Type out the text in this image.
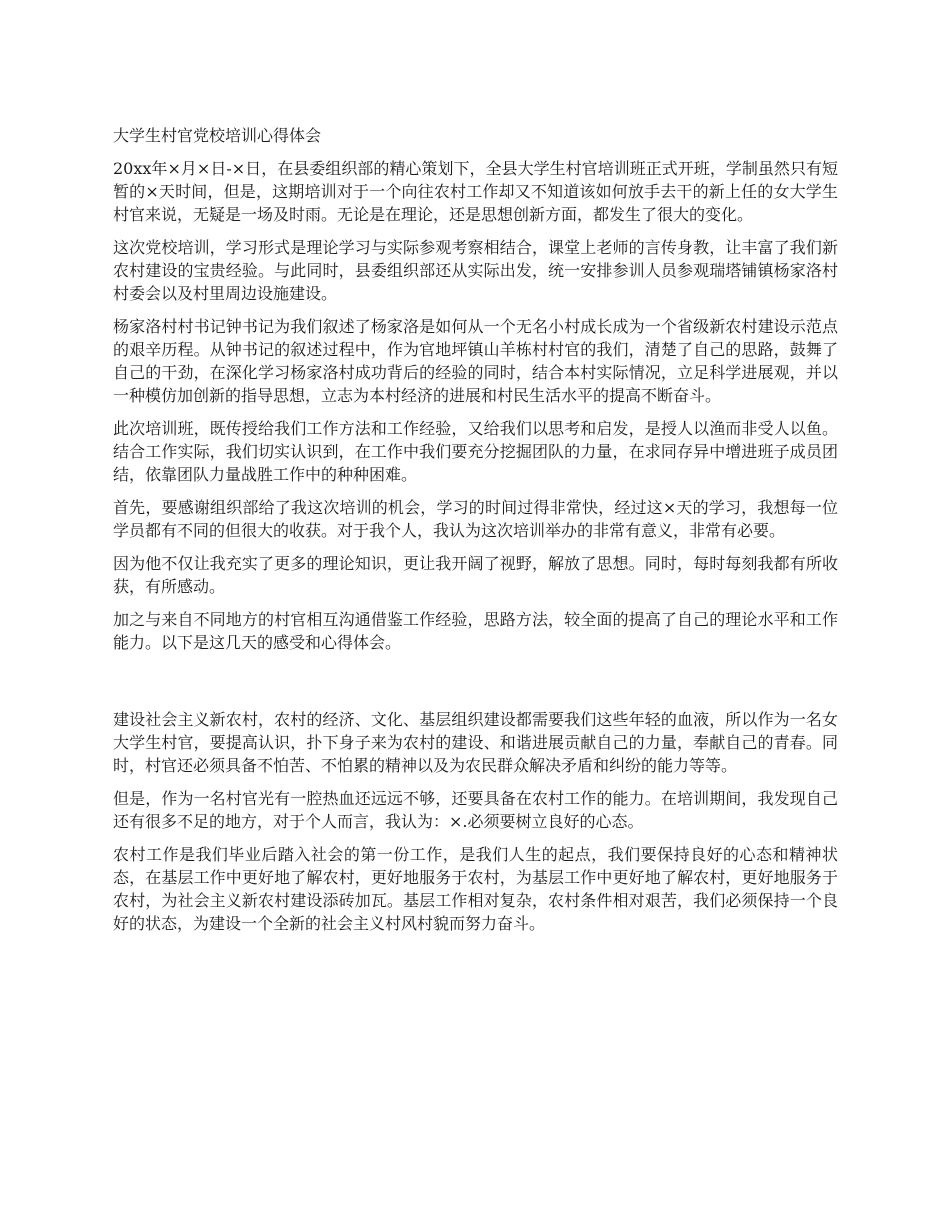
大学生村官党校培训心得体会

20xx年×月×日-×日，在县委组织部的精心策划下，全县大学生村官培训班正式开班，学制虽然只有短暂的×天时间，但是，这期培训对于一个向往农村工作却又不知道该如何放手去干的新上任的女大学生村官来说，无疑是一场及时雨。无论是在理论，还是思想创新方面，都发生了很大的变化。

这次党校培训，学习形式是理论学习与实际参观考察相结合，课堂上老师的言传身教，让丰富了我们新农村建设的宝贵经验。与此同时，县委组织部还从实际出发，统一安排参训人员参观瑞塔铺镇杨家洛村村委会以及村里周边设施建设。

杨家洛村村书记钟书记为我们叙述了杨家洛是如何从一个无名小村成长成为一个省级新农村建设示范点的艰辛历程。从钟书记的叙述过程中，作为官地坪镇山羊栋村村官的我们，清楚了自己的思路，鼓舞了自己的干劲，在深化学习杨家洛村成功背后的经验的同时，结合本村实际情况，立足科学进展观，并以一种模仿加创新的指导思想，立志为本村经济的进展和村民生活水平的提高不断奋斗。

此次培训班，既传授给我们工作方法和工作经验，又给我们以思考和启发，是授人以渔而非受人以鱼。结合工作实际，我们切实认识到，在工作中我们要充分挖掘团队的力量，在求同存异中增进班子成员团结，依靠团队力量战胜工作中的种种困难。

首先，要感谢组织部给了我这次培训的机会，学习的时间过得非常快，经过这×天的学习，我想每一位学员都有不同的但很大的收获。对于我个人，我认为这次培训举办的非常有意义，非常有必要。

因为他不仅让我充实了更多的理论知识，更让我开阔了视野，解放了思想。同时，每时每刻我都有所收获，有所感动。

加之与来自不同地方的村官相互沟通借鉴工作经验，思路方法，较全面的提高了自己的理论水平和工作能力。以下是这几天的感受和心得体会。

建设社会主义新农村，农村的经济、文化、基层组织建设都需要我们这些年轻的血液，所以作为一名女大学生村官，要提高认识，扑下身子来为农村的建设、和谐进展贡献自己的力量，奉献自己的青春。同时，村官还必须具备不怕苦、不怕累的精神以及为农民群众解决矛盾和纠纷的能力等等。

但是，作为一名村官光有一腔热血还远远不够，还要具备在农村工作的能力。在培训期间，我发现自己还有很多不足的地方，对于个人而言，我认为：×.必须要树立良好的心态。

农村工作是我们毕业后踏入社会的第一份工作，是我们人生的起点，我们要保持良好的心态和精神状态，在基层工作中更好地了解农村，更好地服务于农村，为基层工作中更好地了解农村，更好地服务于农村，为社会主义新农村建设添砖加瓦。基层工作相对复杂，农村条件相对艰苦，我们必须保持一个良好的状态，为建设一个全新的社会主义村风村貌而努力奋斗。
